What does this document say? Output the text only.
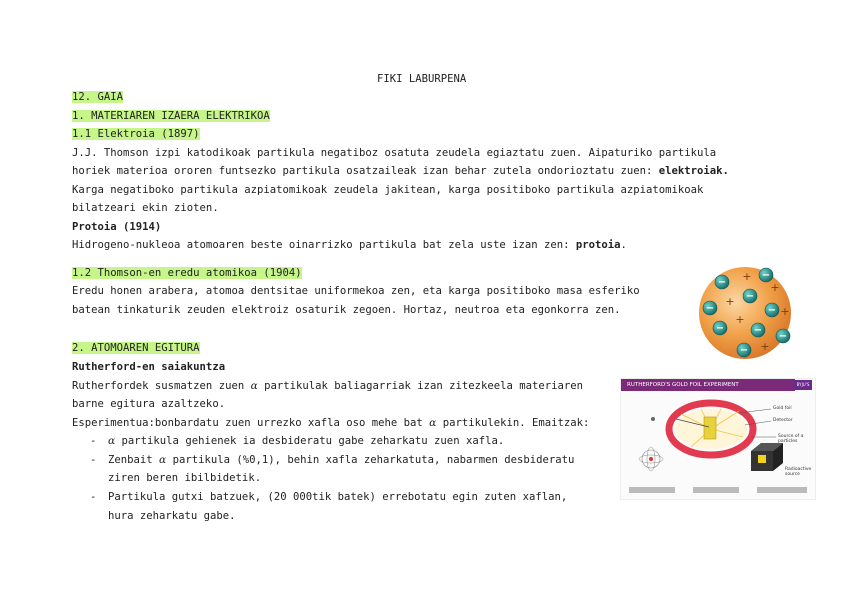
FIKI LABURPENA
12. GAIA
1. MATERIAREN IZAERA ELEKTRIKOA
1.1 Elektroia (1897)
J.J. Thomson izpi katodikoak partikula negatiboz osatuta zeudela egiaztatu zuen. Aipaturiko partikula
horiek materioa ororen funtsezko partikula osatzaileak izan behar zutela ondorioztatu zuen: elektroiak.
Karga negatiboko partikula azpiatomikoak zeudela jakitean, karga positiboko partikula azpiatomikoak
bilatzeari ekin zioten.
Protoia (1914)
Hidrogeno-nukleoa atomoaren beste oinarrizko partikula bat zela uste izan zen: protoia.
1.2 Thomson-en eredu atomikoa (1904)
Eredu honen arabera, atomoa dentsitae uniformekoa zen, eta karga positiboko masa esferiko
batean tinkaturik zeuden elektroiz osaturik zegoen. Hortaz, neutroa eta egonkorra zen.
+
+
+
+
+
+
−
−
−
−	−
−	−
−
−
2. ATOMOAREN EGITURA
Rutherford-en saiakuntza
Rutherfordek susmatzen zuen α partikulak baliagarriak izan zitezkeela materiaren
barne egitura azaltzeko.
Esperimentua:bonbardatu zuen urrezko xafla oso mehe bat α partikulekin. Emaitzak:
- α partikula gehienek ia desbideratu gabe zeharkatu zuen xafla.
- Zenbait α partikula (%0,1), behin xafla zeharkatuta, nabarmen desbideratu
ziren beren ibilbidetik.
- Partikula gutxi batzuek, (20 000tik batek) errebotatu egin zuten xaflan,
hura zeharkatu gabe.
RUTHERFORD'S GOLD FOIL EXPERIMENT	BYJU'S
Gold foil
Detector
Source of α particles
Radioactive source
